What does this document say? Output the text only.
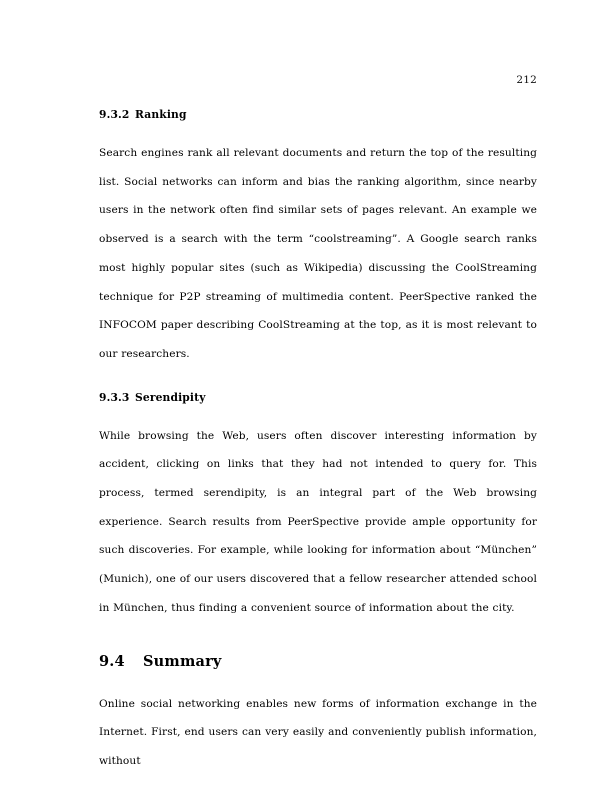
212
9.3.2 Ranking

Search engines rank all relevant documents and return the top of the resulting list. Social networks can inform and bias the ranking algorithm, since nearby users in the network often find similar sets of pages relevant. An example we observed is a search with the term “coolstreaming”. A Google search ranks most highly popular sites (such as Wikipedia) discussing the CoolStreaming technique for P2P streaming of multimedia content. PeerSpective ranked the INFOCOM paper describing CoolStreaming at the top, as it is most relevant to our researchers.

9.3.3 Serendipity

While browsing the Web, users often discover interesting information by accident, clicking on links that they had not intended to query for. This process, termed serendipity, is an integral part of the Web browsing experience. Search results from PeerSpective provide ample opportunity for such discoveries. For example, while looking for information about “München” (Munich), one of our users discovered that a fellow researcher attended school in München, thus finding a convenient source of information about the city.

9.4 Summary

Online social networking enables new forms of information exchange in the Internet. First, end users can very easily and conveniently publish information, without
